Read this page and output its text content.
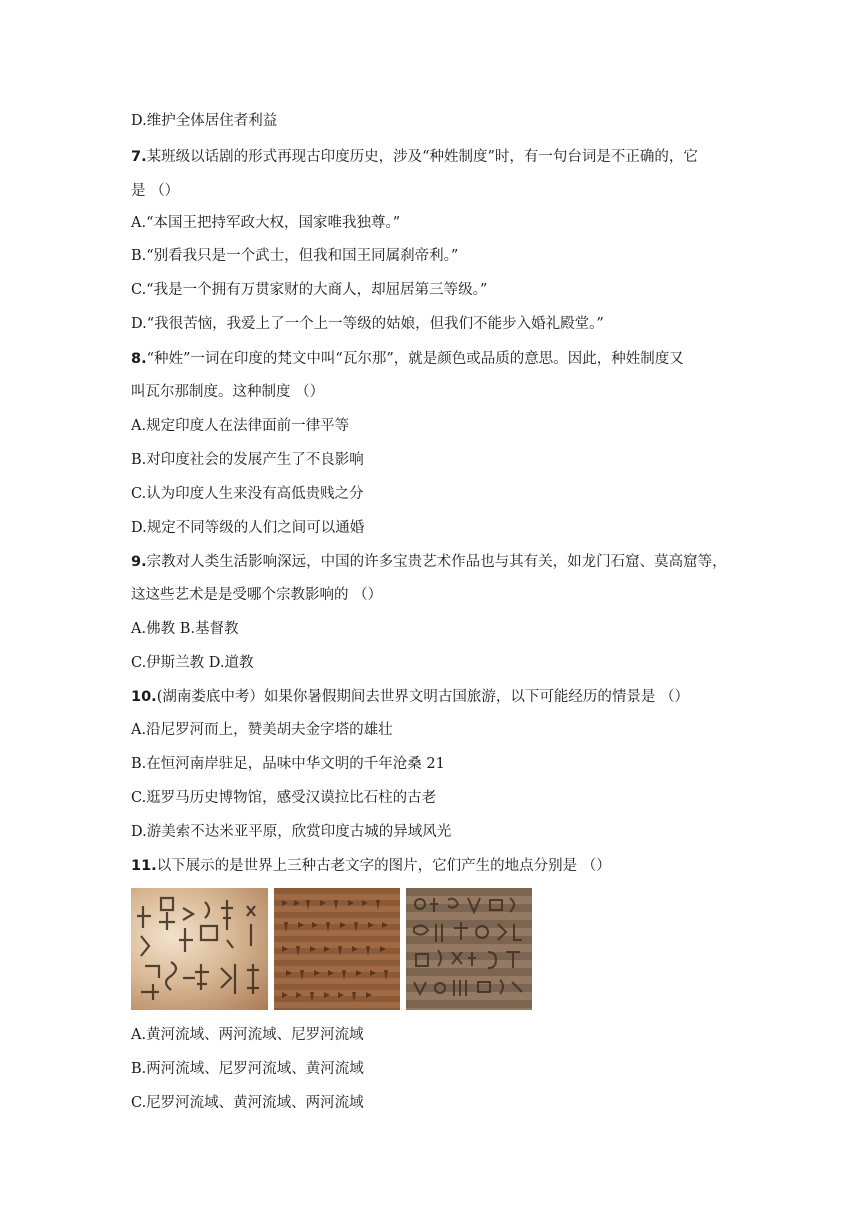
D.维护全体居住者利益
7.某班级以话剧的形式再现古印度历史，涉及“种姓制度”时，有一句台词是不正确的，它
是 （）
A.“本国王把持军政大权，国家唯我独尊。”
B.“别看我只是一个武士，但我和国王同属刹帝利。”
C.“我是一个拥有万贯家财的大商人，却屈居第三等级。”
D.“我很苦恼，我爱上了一个上一等级的姑娘，但我们不能步入婚礼殿堂。”
8.“种姓”一词在印度的梵文中叫“瓦尔那”，就是颜色或品质的意思。因此，种姓制度又
叫瓦尔那制度。这种制度 （）
A.规定印度人在法律面前一律平等
B.对印度社会的发展产生了不良影响
C.认为印度人生来没有高低贵贱之分
D.规定不同等级的人们之间可以通婚
9.宗教对人类生活影响深远，中国的许多宝贵艺术作品也与其有关，如龙门石窟、莫高窟等，
这这些艺术是是受哪个宗教影响的 （）
A.佛教 B.基督教
C.伊斯兰教 D.道教
10.(湖南娄底中考）如果你暑假期间去世界文明古国旅游，以下可能经历的情景是 （）
A.沿尼罗河而上，赞美胡夫金字塔的雄壮
B.在恒河南岸驻足，品味中华文明的千年沧桑 21
C.逛罗马历史博物馆，感受汉谟拉比石柱的古老
D.游美索不达米亚平原，欣赏印度古城的异域风光
11.以下展示的是世界上三种古老文字的图片，它们产生的地点分别是 （）
A.黄河流域、两河流域、尼罗河流域
B.两河流域、尼罗河流域、黄河流域
C.尼罗河流域、黄河流域、两河流域
